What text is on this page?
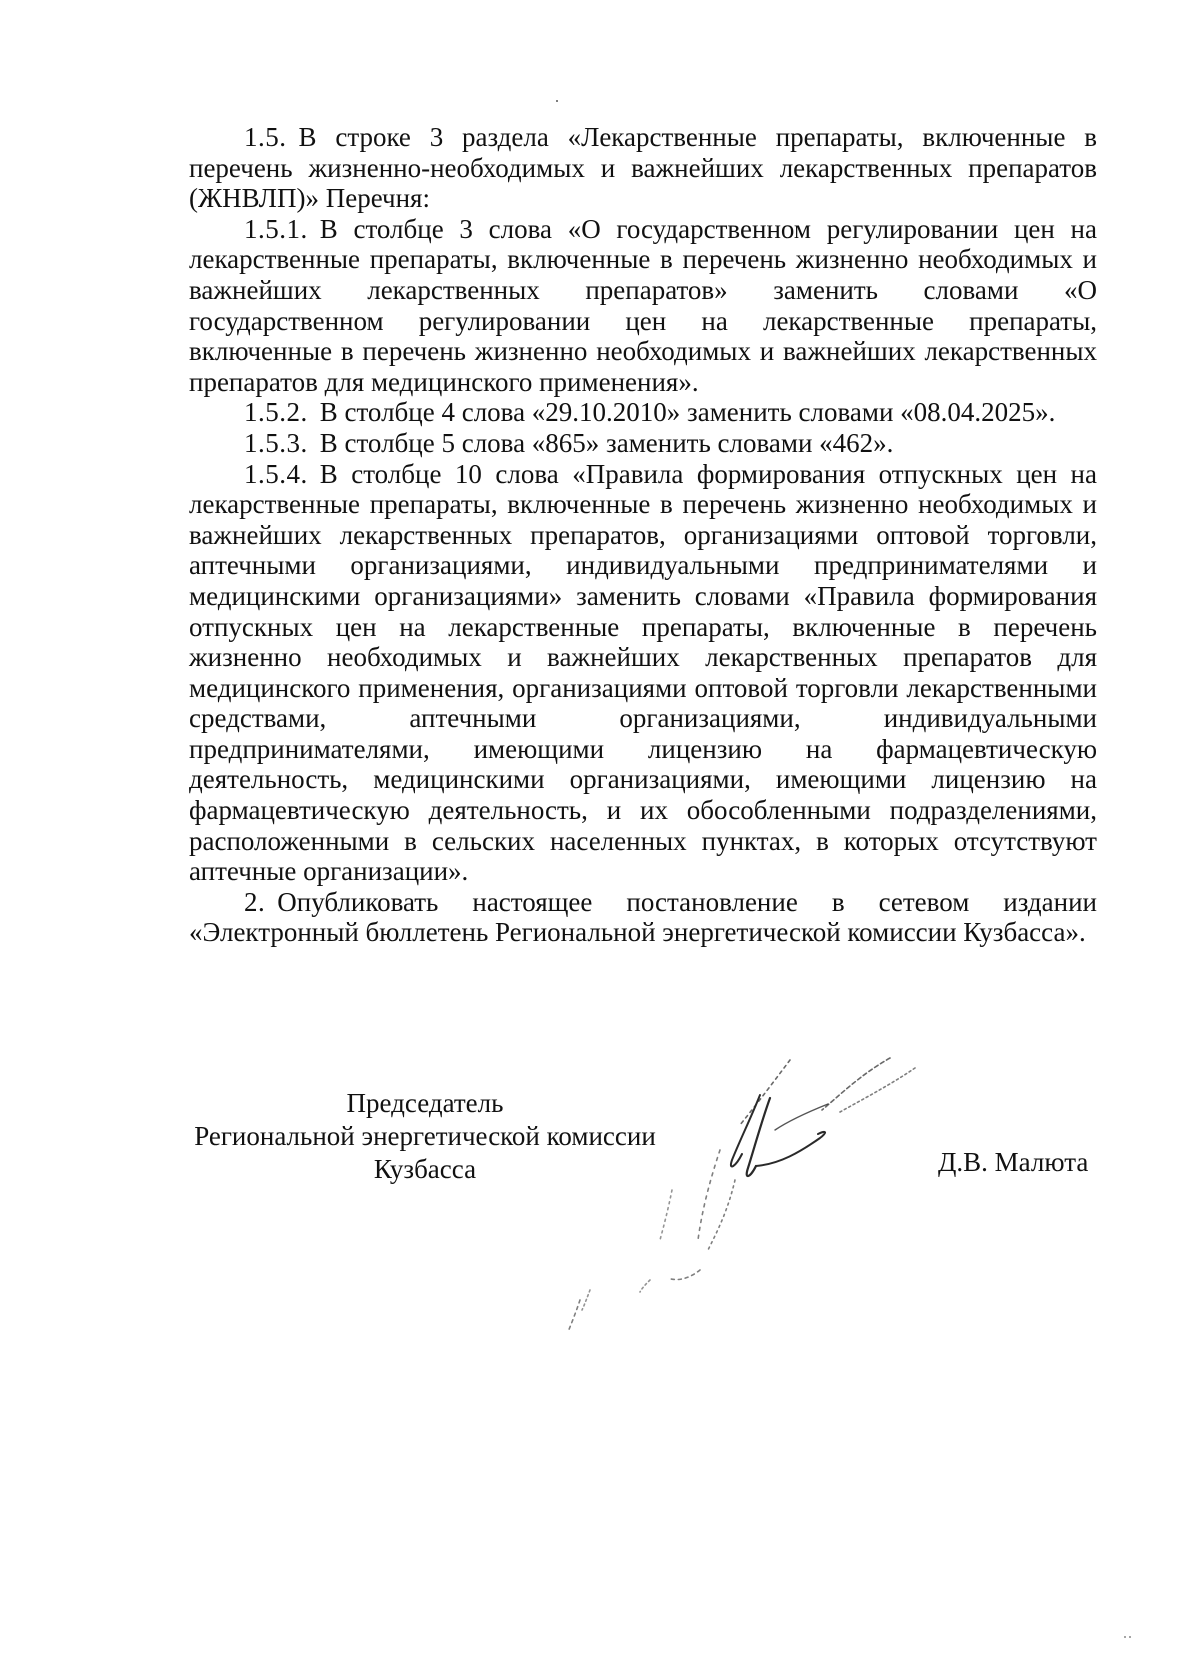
1.5. В строке 3 раздела «Лекарственные препараты, включенные в перечень жизненно-необходимых и важнейших лекарственных препаратов (ЖНВЛП)» Перечня:

1.5.1. В столбце 3 слова «О государственном регулировании цен на лекарственные препараты, включенные в перечень жизненно необходимых и важнейших лекарственных препаратов» заменить словами «О государственном регулировании цен на лекарственные препараты, включенные в перечень жизненно необходимых и важнейших лекарственных препаратов для медицинского применения».

1.5.2. В столбце 4 слова «29.10.2010» заменить словами «08.04.2025».

1.5.3. В столбце 5 слова «865» заменить словами «462».

1.5.4. В столбце 10 слова «Правила формирования отпускных цен на лекарственные препараты, включенные в перечень жизненно необходимых и важнейших лекарственных препаратов, организациями оптовой торговли, аптечными организациями, индивидуальными предпринимателями и медицинскими организациями» заменить словами «Правила формирования отпускных цен на лекарственные препараты, включенные в перечень жизненно необходимых и важнейших лекарственных препаратов для медицинского применения, организациями оптовой торговли лекарственными средствами, аптечными организациями, индивидуальными предпринимателями, имеющими лицензию на фармацевтическую деятельность, медицинскими организациями, имеющими лицензию на фармацевтическую деятельность, и их обособленными подразделениями, расположенными в сельских населенных пунктах, в которых отсутствуют аптечные организации».

2. Опубликовать настоящее постановление в сетевом издании «Электронный бюллетень Региональной энергетической комиссии Кузбасса».

Председатель
Региональной энергетической комиссии
Кузбасса	Д.В. Малюта
